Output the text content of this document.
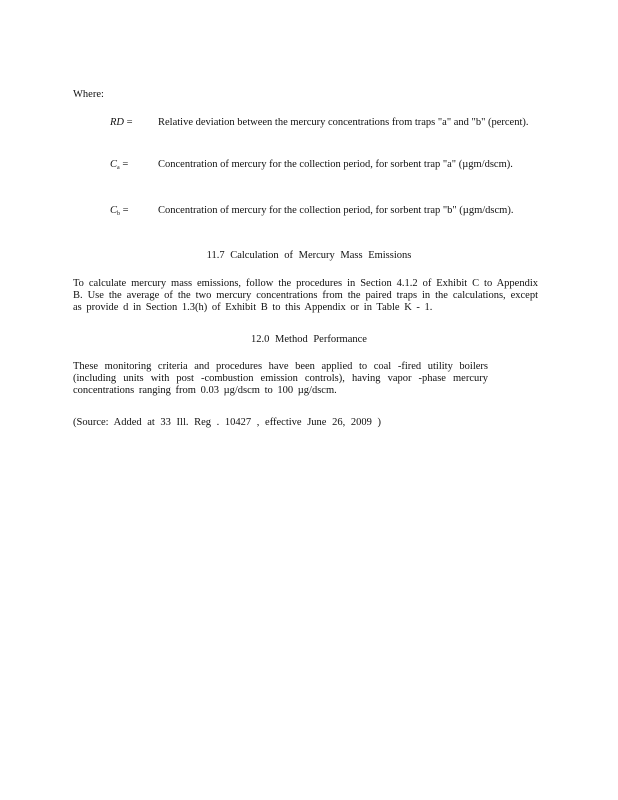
Where:
RD =	Relative deviation between the mercury concentrations from traps "a" and "b" (percent).
$C_a$ =	Concentration of mercury for the collection period, for sorbent trap "a" (µgm/dscm).
$C_b$ =	Concentration of mercury for the collection period, for sorbent trap "b" (µgm/dscm).
11.7 Calculation of Mercury Mass Emissions
To calculate mercury mass emissions, follow the procedures in Section 4.1.2 of Exhibit C to Appendix B. Use the average of the two mercury concentrations from the paired traps in the calculations, except as provide d in Section 1.3(h) of Exhibit B to this Appendix or in Table K - 1.
12.0 Method Performance
These monitoring criteria and procedures have been applied to coal -fired utility boilers (including units with post -combustion emission controls), having vapor -phase mercury concentrations ranging from 0.03 µg/dscm to 100 µg/dscm.
(Source: Added at 33 Ill. Reg . 10427 , effective June 26, 2009 )
